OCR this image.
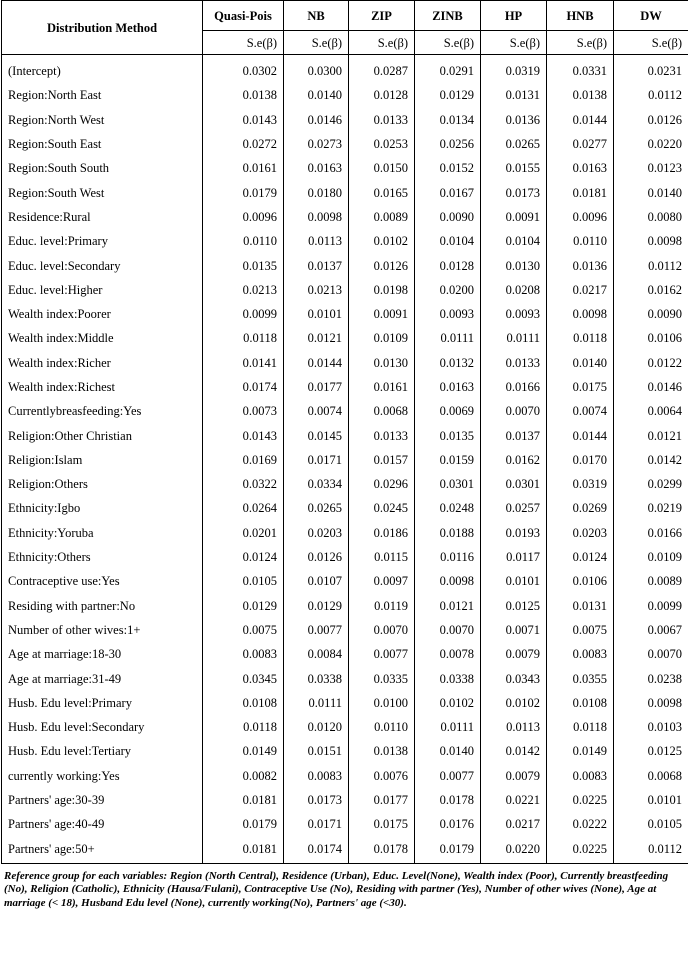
Distribution Method	Quasi-Pois	NB	ZIP	ZINB	HP	HNB	DW
	S.e(β)	S.e(β)	S.e(β)	S.e(β)	S.e(β)	S.e(β)	S.e(β)
(Intercept)	0.0302	0.0300	0.0287	0.0291	0.0319	0.0331	0.0231
Region:North East	0.0138	0.0140	0.0128	0.0129	0.0131	0.0138	0.0112
Region:North West	0.0143	0.0146	0.0133	0.0134	0.0136	0.0144	0.0126
Region:South East	0.0272	0.0273	0.0253	0.0256	0.0265	0.0277	0.0220
Region:South South	0.0161	0.0163	0.0150	0.0152	0.0155	0.0163	0.0123
Region:South West	0.0179	0.0180	0.0165	0.0167	0.0173	0.0181	0.0140
Residence:Rural	0.0096	0.0098	0.0089	0.0090	0.0091	0.0096	0.0080
Educ. level:Primary	0.0110	0.0113	0.0102	0.0104	0.0104	0.0110	0.0098
Educ. level:Secondary	0.0135	0.0137	0.0126	0.0128	0.0130	0.0136	0.0112
Educ. level:Higher	0.0213	0.0213	0.0198	0.0200	0.0208	0.0217	0.0162
Wealth index:Poorer	0.0099	0.0101	0.0091	0.0093	0.0093	0.0098	0.0090
Wealth index:Middle	0.0118	0.0121	0.0109	0.0111	0.0111	0.0118	0.0106
Wealth index:Richer	0.0141	0.0144	0.0130	0.0132	0.0133	0.0140	0.0122
Wealth index:Richest	0.0174	0.0177	0.0161	0.0163	0.0166	0.0175	0.0146
Currentlybreasfeeding:Yes	0.0073	0.0074	0.0068	0.0069	0.0070	0.0074	0.0064
Religion:Other Christian	0.0143	0.0145	0.0133	0.0135	0.0137	0.0144	0.0121
Religion:Islam	0.0169	0.0171	0.0157	0.0159	0.0162	0.0170	0.0142
Religion:Others	0.0322	0.0334	0.0296	0.0301	0.0301	0.0319	0.0299
Ethnicity:Igbo	0.0264	0.0265	0.0245	0.0248	0.0257	0.0269	0.0219
Ethnicity:Yoruba	0.0201	0.0203	0.0186	0.0188	0.0193	0.0203	0.0166
Ethnicity:Others	0.0124	0.0126	0.0115	0.0116	0.0117	0.0124	0.0109
Contraceptive use:Yes	0.0105	0.0107	0.0097	0.0098	0.0101	0.0106	0.0089
Residing with partner:No	0.0129	0.0129	0.0119	0.0121	0.0125	0.0131	0.0099
Number of other wives:1+	0.0075	0.0077	0.0070	0.0070	0.0071	0.0075	0.0067
Age at marriage:18-30	0.0083	0.0084	0.0077	0.0078	0.0079	0.0083	0.0070
Age at marriage:31-49	0.0345	0.0338	0.0335	0.0338	0.0343	0.0355	0.0238
Husb. Edu level:Primary	0.0108	0.0111	0.0100	0.0102	0.0102	0.0108	0.0098
Husb. Edu level:Secondary	0.0118	0.0120	0.0110	0.0111	0.0113	0.0118	0.0103
Husb. Edu level:Tertiary	0.0149	0.0151	0.0138	0.0140	0.0142	0.0149	0.0125
currently working:Yes	0.0082	0.0083	0.0076	0.0077	0.0079	0.0083	0.0068
Partners' age:30-39	0.0181	0.0173	0.0177	0.0178	0.0221	0.0225	0.0101
Partners' age:40-49	0.0179	0.0171	0.0175	0.0176	0.0217	0.0222	0.0105
Partners' age:50+	0.0181	0.0174	0.0178	0.0179	0.0220	0.0225	0.0112
Reference group for each variables: Region (North Central), Residence (Urban), Educ. Level(None), Wealth index (Poor), Currently breastfeeding (No), Religion (Catholic), Ethnicity (Hausa/Fulani), Contraceptive Use (No), Residing with partner (Yes), Number of other wives (None), Age at marriage (< 18), Husband Edu level (None), currently working(No), Partners' age (<30).
